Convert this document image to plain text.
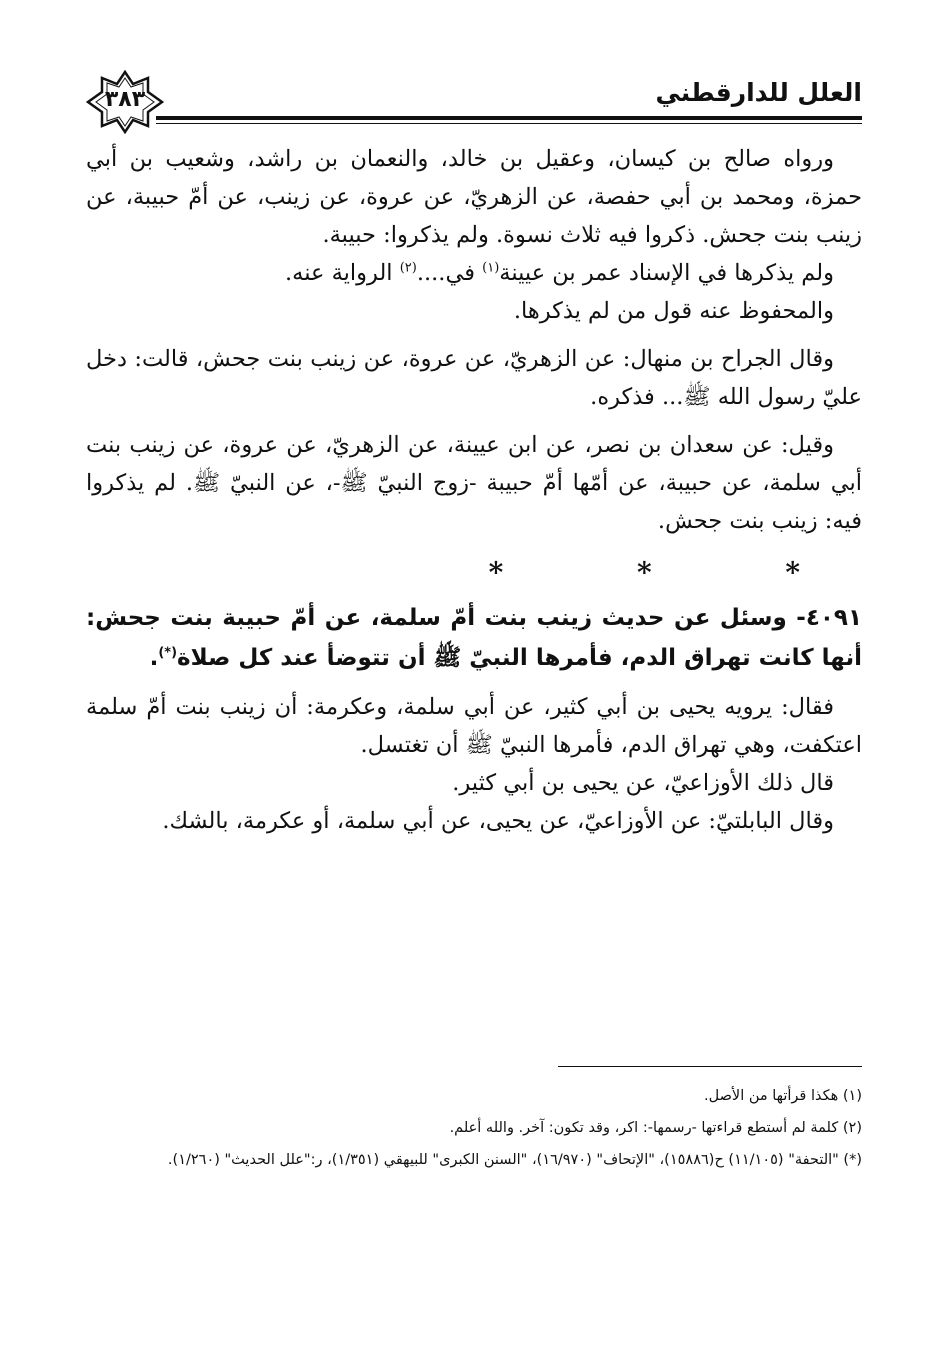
العلل للدارقطني
٣٨٣

ورواه صالح بن كيسان، وعقيل بن خالد، والنعمان بن راشد، وشعيب بن أبي حمزة، ومحمد بن أبي حفصة، عن الزهريّ، عن عروة، عن زينب، عن أمّ حبيبة، عن زينب بنت جحش. ذكروا فيه ثلاث نسوة. ولم يذكروا: حبيبة.

ولم يذكرها في الإسناد عمر بن عيينة$^{(١)}$ في....$^{(٢)}$ الرواية عنه.

والمحفوظ عنه قول من لم يذكرها.

وقال الجراح بن منهال: عن الزهريّ، عن عروة، عن زينب بنت جحش، قالت: دخل عليّ رسول الله ﷺ... فذكره.

وقيل: عن سعدان بن نصر، عن ابن عيينة، عن الزهريّ، عن عروة، عن زينب بنت أبي سلمة، عن حبيبة، عن أمّها أمّ حبيبة -زوج النبيّ ﷺ-، عن النبيّ ﷺ. لم يذكروا فيه: زينب بنت جحش.

* * *

٤٠٩١- وسئل عن حديث زينب بنت أمّ سلمة، عن أمّ حبيبة بنت جحش: أنها كانت تهراق الدم، فأمرها النبيّ ﷺ أن تتوضأ عند كل صلاة(*).

فقال: يرويه يحيى بن أبي كثير، عن أبي سلمة، وعكرمة: أن زينب بنت أمّ سلمة اعتكفت، وهي تهراق الدم، فأمرها النبيّ ﷺ أن تغتسل.

قال ذلك الأوزاعيّ، عن يحيى بن أبي كثير.

وقال البابلتيّ: عن الأوزاعيّ، عن يحيى، عن أبي سلمة، أو عكرمة، بالشك.

(١) هكذا قرأتها من الأصل.

(٢) كلمة لم أستطع قراءتها -رسمها-: اكر، وقد تكون: آخر. والله أعلم.

(*) "التحفة" (١١/١٠٥) ح(١٥٨٨٦)، "الإتحاف" (١٦/٩٧٠)، "السنن الكبرى" للبيهقي (١/٣٥١)، ر:"علل الحديث" (١/٢٦٠).
